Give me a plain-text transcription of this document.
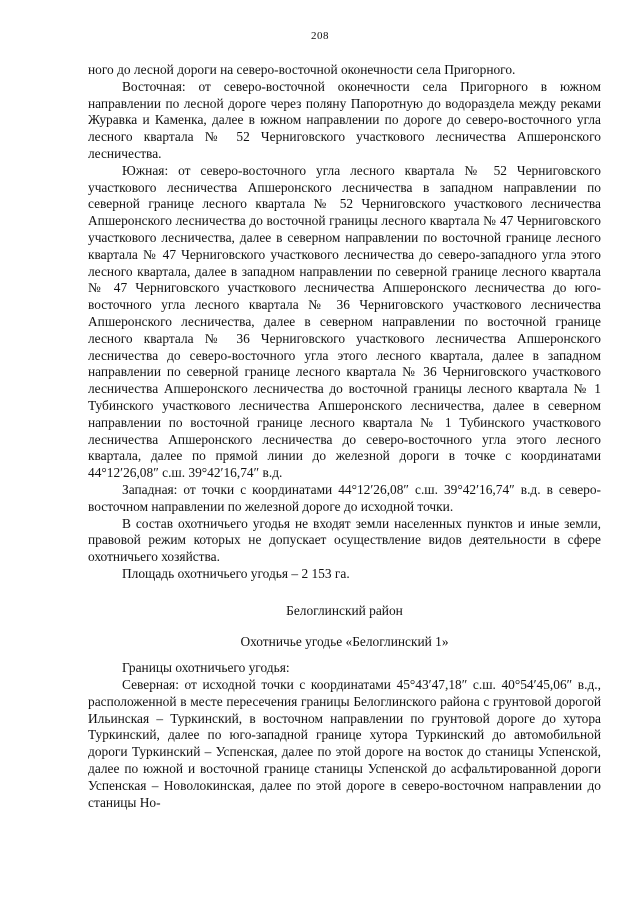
208

ного до лесной дороги на северо-восточной оконечности села Пригорного.

Восточная: от северо-восточной оконечности села Пригорного в южном направлении по лесной дороге через поляну Папоротную до водораздела между реками Журавка и Каменка, далее в южном направлении по дороге до северо-восточного угла лесного квартала № 52 Черниговского участкового лесничества Апшеронского лесничества.

Южная: от северо-восточного угла лесного квартала № 52 Черниговского участкового лесничества Апшеронского лесничества в западном направлении по северной границе лесного квартала № 52 Черниговского участкового лесничества Апшеронского лесничества до восточной границы лесного квартала № 47 Черниговского участкового лесничества, далее в северном направлении по восточной границе лесного квартала № 47 Черниговского участкового лесничества до северо-западного угла этого лесного квартала, далее в западном направлении по северной границе лесного квартала № 47 Черниговского участкового лесничества Апшеронского лесничества до юго-восточного угла лесного квартала № 36 Черниговского участкового лесничества Апшеронского лесничества, далее в северном направлении по восточной границе лесного квартала № 36 Черниговского участкового лесничества Апшеронского лесничества до северо-восточного угла этого лесного квартала, далее в западном направлении по северной границе лесного квартала № 36 Черниговского участкового лесничества Апшеронского лесничества до восточной границы лесного квартала № 1 Тубинского участкового лесничества Апшеронского лесничества, далее в северном направлении по восточной границе лесного квартала № 1 Тубинского участкового лесничества Апшеронского лесничества до северо-восточного угла этого лесного квартала, далее по прямой линии до железной дороги в точке с координатами 44°12′26,08″ с.ш. 39°42′16,74″ в.д.

Западная: от точки с координатами 44°12′26,08″ с.ш. 39°42′16,74″ в.д. в северо-восточном направлении по железной дороге до исходной точки.

В состав охотничьего угодья не входят земли населенных пунктов и иные земли, правовой режим которых не допускает осуществление видов деятельности в сфере охотничьего хозяйства.

Площадь охотничьего угодья – 2 153 га.

Белоглинский район

Охотничье угодье «Белоглинский 1»

Границы охотничьего угодья:

Северная: от исходной точки с координатами 45°43′47,18″ с.ш. 40°54′45,06″ в.д., расположенной в месте пересечения границы Белоглинского района с грунтовой дорогой Ильинская – Туркинский, в восточном направлении по грунтовой дороге до хутора Туркинский, далее по юго-западной границе хутора Туркинский до автомобильной дороги Туркинский – Успенская, далее по этой дороге на восток до станицы Успенской, далее по южной и восточной границе станицы Успенской до асфальтированной дороги Успенская – Новолокинская, далее по этой дороге в северо-восточном направлении до станицы Но-
